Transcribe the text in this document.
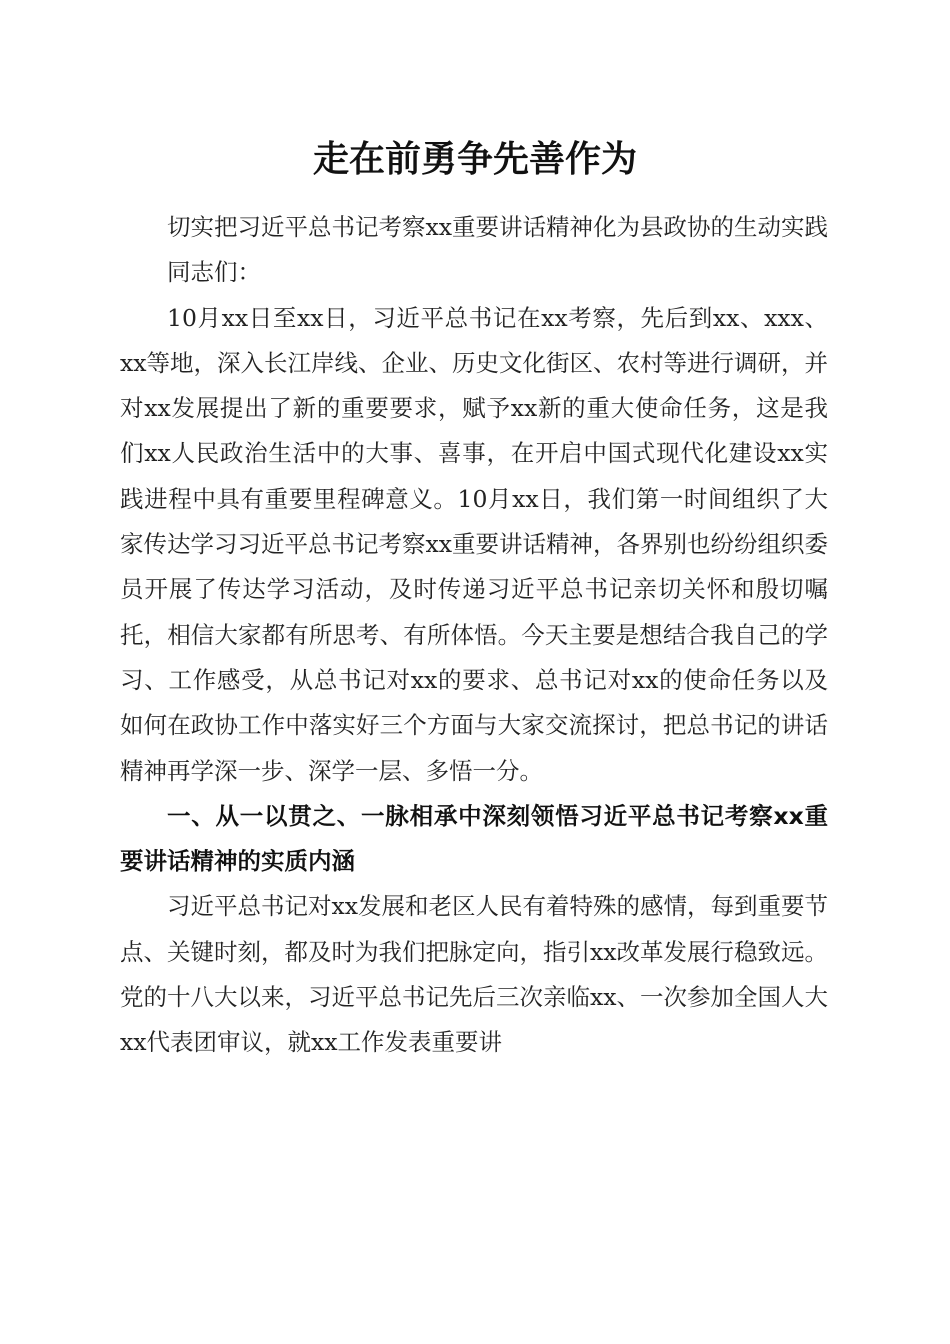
走在前勇争先善作为

切实把习近平总书记考察xx重要讲话精神化为县政协的生动实践

同志们：

10月xx日至xx日，习近平总书记在xx考察，先后到xx、xxx、xx等地，深入长江岸线、企业、历史文化街区、农村等进行调研，并对xx发展提出了新的重要要求，赋予xx新的重大使命任务，这是我们xx人民政治生活中的大事、喜事，在开启中国式现代化建设xx实践进程中具有重要里程碑意义。10月xx日，我们第一时间组织了大家传达学习习近平总书记考察xx重要讲话精神，各界别也纷纷组织委员开展了传达学习活动，及时传递习近平总书记亲切关怀和殷切嘱托，相信大家都有所思考、有所体悟。今天主要是想结合我自己的学习、工作感受，从总书记对xx的要求、总书记对xx的使命任务以及如何在政协工作中落实好三个方面与大家交流探讨，把总书记的讲话精神再学深一步、深学一层、多悟一分。

一、从一以贯之、一脉相承中深刻领悟习近平总书记考察xx重要讲话精神的实质内涵

习近平总书记对xx发展和老区人民有着特殊的感情，每到重要节点、关键时刻，都及时为我们把脉定向，指引xx改革发展行稳致远。党的十八大以来，习近平总书记先后三次亲临xx、一次参加全国人大xx代表团审议，就xx工作发表重要讲
